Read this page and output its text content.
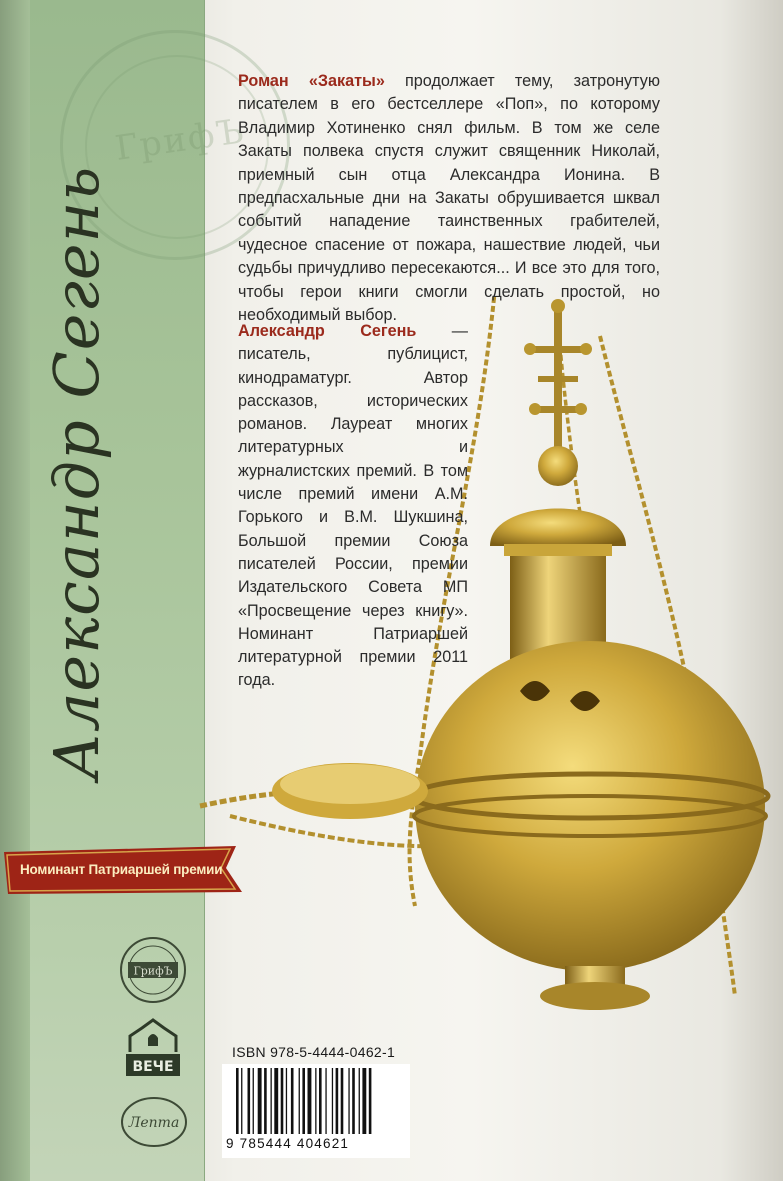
ГрифЪ
Александр Сегень
Роман «Закаты» продолжает тему, затронутую писателем в его бестселлере «Поп», по которому Владимир Хотиненко снял фильм. В том же селе Закаты полвека спустя служит священник Николай, приемный сын отца Александра Ионина. В предпасхальные дни на Закаты обрушивается шквал событий нападение таинственных грабителей, чудесное спасение от пожара, нашествие людей, чьи судьбы причудливо пересекаются... И все это для того, чтобы герои книги смогли сделать простой, но необходимый выбор.
Александр Сегень — писатель, публицист, кинодраматург. Автор рассказов, исторических романов. Лауреат многих литературных и журналистских премий. В том числе премий имени А.М. Горького и В.М. Шукшина, Большой премии Союза писателей России, премии Издательского Совета МП «Просвещение через книгу». Номинант Патриаршей литературной премии 2011 года.
Номинант Патриаршей премии
ГрифЪ
ВЕЧЕ
Лепта
ISBN 978-5-4444-0462-1
9 785444 404621
